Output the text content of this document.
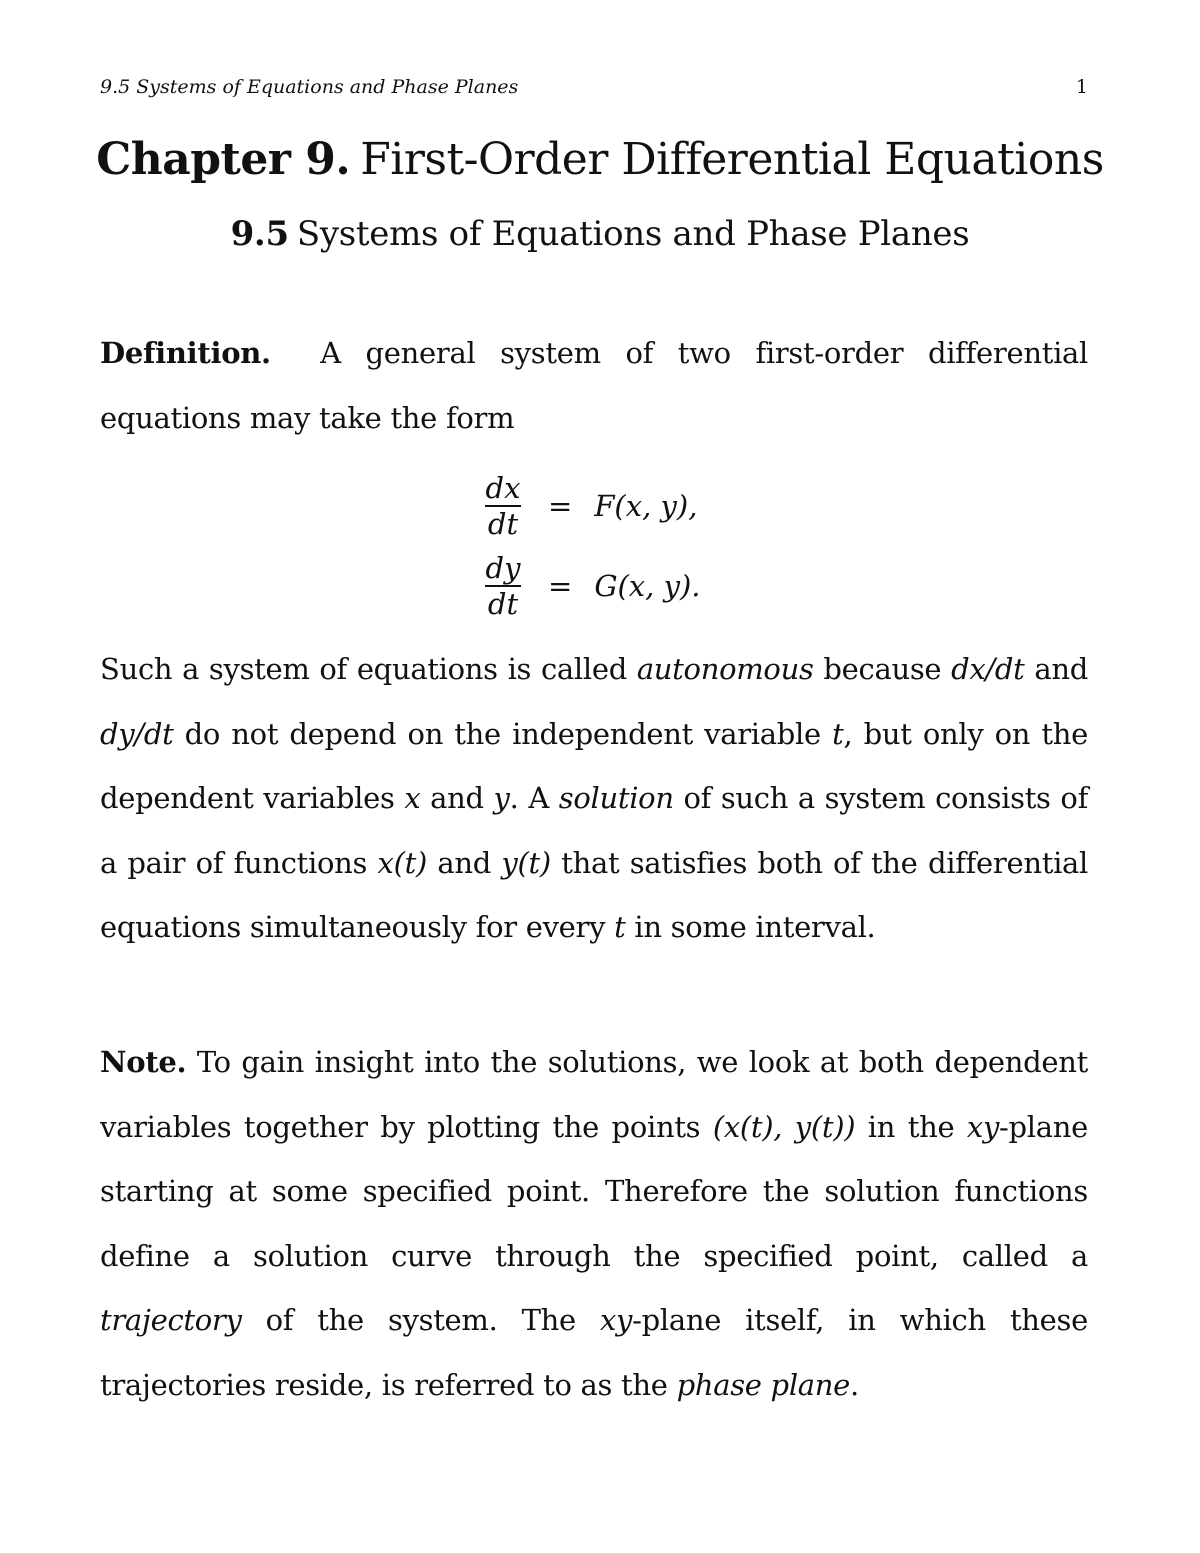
9.5 Systems of Equations and Phase Planes	1
Chapter 9. First-Order Differential Equations
9.5 Systems of Equations and Phase Planes
Definition. A general system of two first-order differential equations may take the form
$\frac{dx}{dt} = F(x$, y),
$\frac{dy}{dt} = G(x$, y).
Such a system of equations is called autonomous because dx/dt and dy/dt do not depend on the independent variable t, but only on the dependent variables x and y. A solution of such a system consists of a pair of functions x(t) and y(t) that satisfies both of the differential equations simultaneously for every t in some interval.
Note. To gain insight into the solutions, we look at both dependent variables together by plotting the points (x(t), y(t)) in the xy-plane starting at some specified point. Therefore the solution functions define a solution curve through the specified point, called a trajectory of the system. The xy-plane itself, in which these trajectories reside, is referred to as the phase plane.
